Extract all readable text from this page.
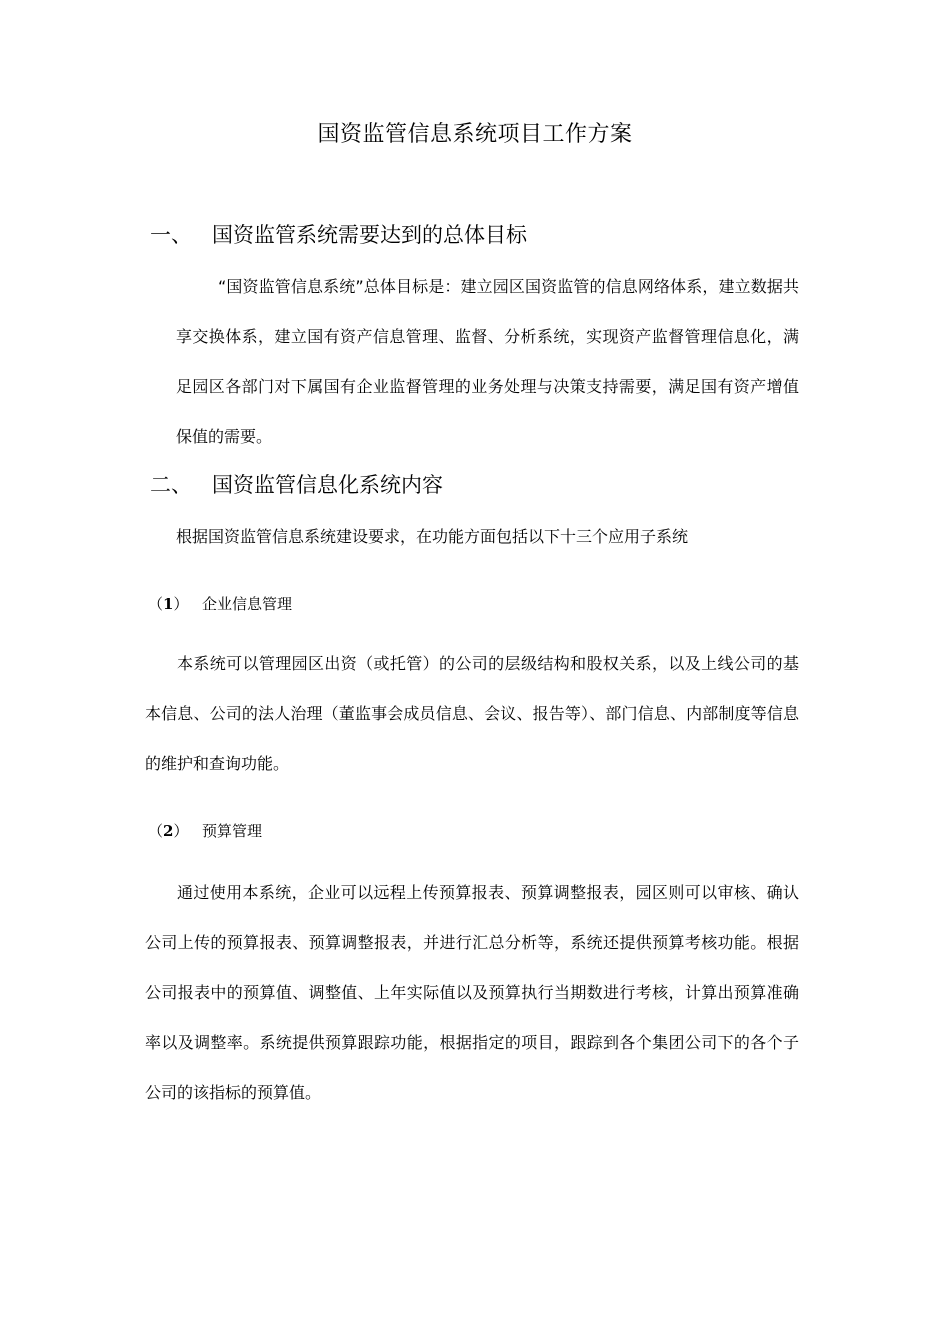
国资监管信息系统项目工作方案
一、 国资监管系统需要达到的总体目标
“国资监管信息系统”总体目标是：建立园区国资监管的信息网络体系，建立数据共享交换体系，建立国有资产信息管理、监督、分析系统，实现资产监督管理信息化，满足园区各部门对下属国有企业监督管理的业务处理与决策支持需要，满足国有资产增值保值的需要。
二、 国资监管信息化系统内容
根据国资监管信息系统建设要求，在功能方面包括以下十三个应用子系统
（1） 企业信息管理
本系统可以管理园区出资（或托管）的公司的层级结构和股权关系，以及上线公司的基本信息、公司的法人治理（董监事会成员信息、会议、报告等）、部门信息、内部制度等信息的维护和查询功能。
（2） 预算管理
通过使用本系统，企业可以远程上传预算报表、预算调整报表，园区则可以审核、确认公司上传的预算报表、预算调整报表，并进行汇总分析等，系统还提供预算考核功能。根据公司报表中的预算值、调整值、上年实际值以及预算执行当期数进行考核，计算出预算准确率以及调整率。系统提供预算跟踪功能，根据指定的项目，跟踪到各个集团公司下的各个子公司的该指标的预算值。
